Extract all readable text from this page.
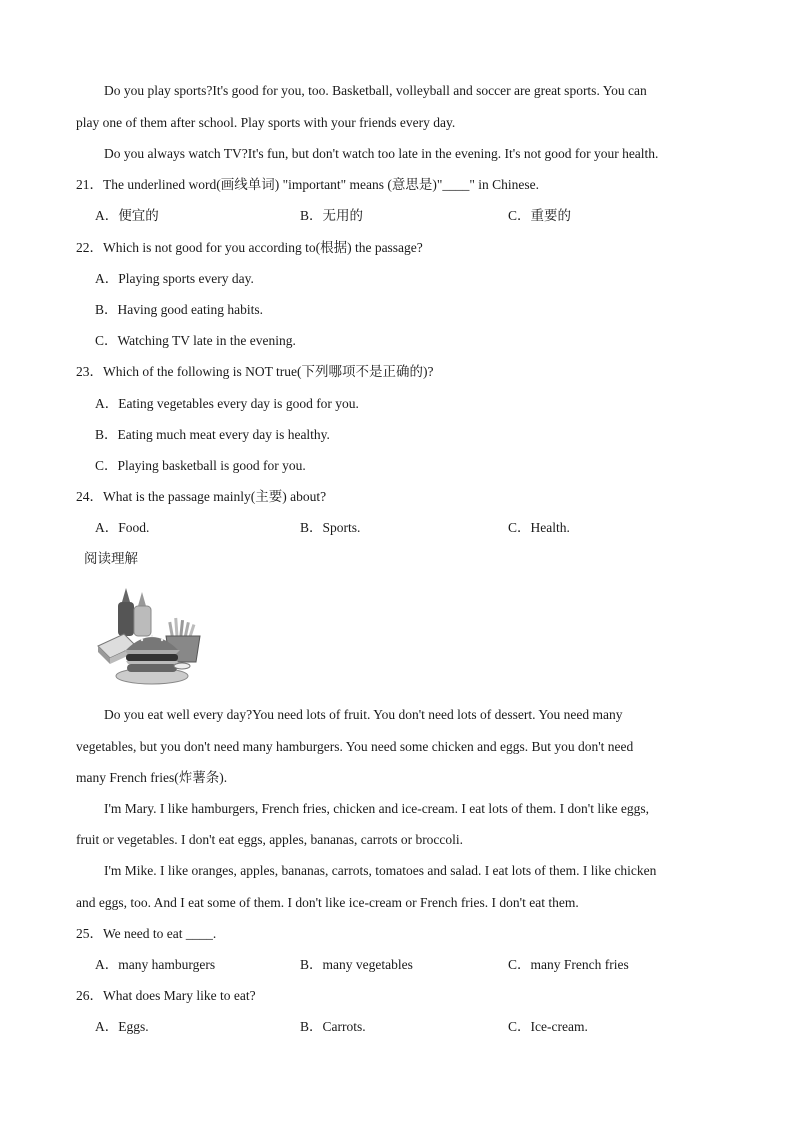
Do you play sports?It's good for you, too. Basketball, volleyball and soccer are great sports. You can
play one of them after school. Play sports with your friends every day.
Do you always watch TV?It's fun, but don't watch too late in the evening. It's not good for your health.
21．The underlined word(画线单词) "important" means (意思是)"____" in Chinese.
A．便宜的	B．无用的	C．重要的
22．Which is not good for you according to(根据) the passage?
A．Playing sports every day.
B．Having good eating habits.
C．Watching TV late in the evening.
23．Which of the following is NOT true(下列哪项不是正确的)?
A．Eating vegetables every day is good for you.
B．Eating much meat every day is healthy.
C．Playing basketball is good for you.
24．What is the passage mainly(主要) about?
A．Food.	B．Sports.	C．Health.
阅读理解
Do you eat well every day?You need lots of fruit. You don't need lots of dessert. You need many
vegetables, but you don't need many hamburgers. You need some chicken and eggs. But you don't need
many French fries(炸薯条).
I'm Mary. I like hamburgers, French fries, chicken and ice-cream. I eat lots of them. I don't like eggs,
fruit or vegetables. I don't eat eggs, apples, bananas, carrots or broccoli.
I'm Mike. I like oranges, apples, bananas, carrots, tomatoes and salad. I eat lots of them. I like chicken
and eggs, too. And I eat some of them. I don't like ice-cream or French fries. I don't eat them.
25．We need to eat ____.
A．many hamburgers	B．many vegetables	C．many French fries
26．What does Mary like to eat?
A．Eggs.	B．Carrots.	C．Ice-cream.
